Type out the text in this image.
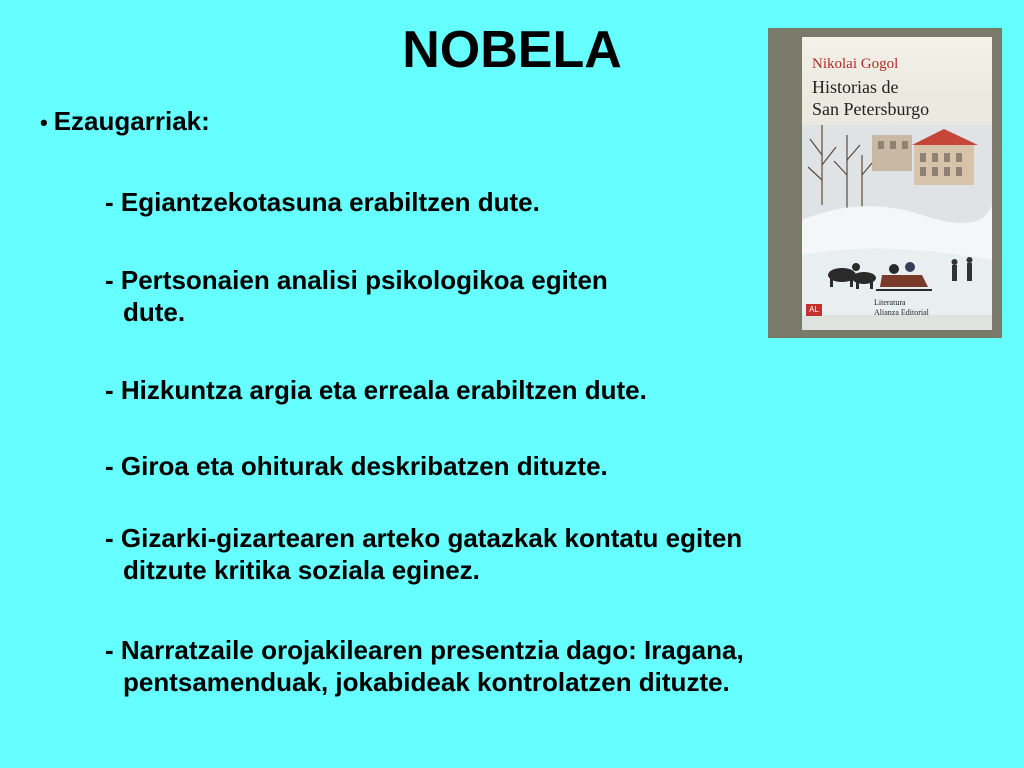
NOBELA

• Ezaugarriak:

- Egiantzekotasuna erabiltzen dute.

- Pertsonaien analisi psikologikoa egiten
dute.

- Hizkuntza argia eta erreala erabiltzen dute.

- Giroa eta ohiturak deskribatzen dituzte.

- Gizarki-gizartearen arteko gatazkak kontatu egiten
ditzute kritika soziala eginez.

- Narratzaile orojakilearen presentzia dago: Iragana,
pentsamenduak, jokabideak kontrolatzen dituzte.

Nikolai Gogol
Historias de
San Petersburgo
AL
Literatura
Alianza Editorial
